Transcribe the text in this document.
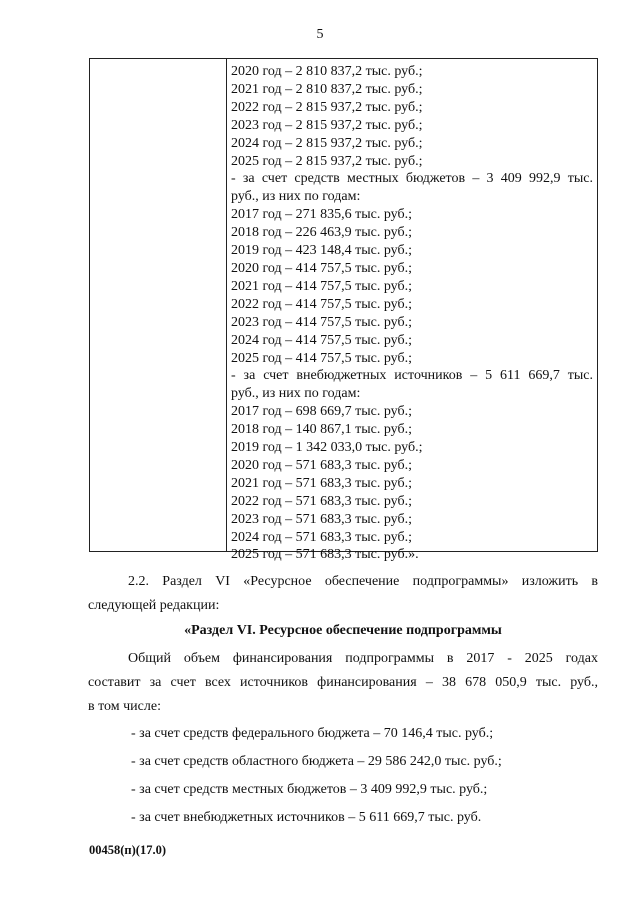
5
2020 год – 2 810 837,2 тыс. руб.;
2021 год – 2 810 837,2 тыс. руб.;
2022 год – 2 815 937,2 тыс. руб.;
2023 год – 2 815 937,2 тыс. руб.;
2024 год – 2 815 937,2 тыс. руб.;
2025 год – 2 815 937,2 тыс. руб.;
- за счет средств местных бюджетов – 3 409 992,9 тыс.
руб., из них по годам:
2017 год – 271 835,6 тыс. руб.;
2018 год – 226 463,9 тыс. руб.;
2019 год – 423 148,4 тыс. руб.;
2020 год – 414 757,5 тыс. руб.;
2021 год – 414 757,5 тыс. руб.;
2022 год – 414 757,5 тыс. руб.;
2023 год – 414 757,5 тыс. руб.;
2024 год – 414 757,5 тыс. руб.;
2025 год – 414 757,5 тыс. руб.;
- за счет внебюджетных источников – 5 611 669,7 тыс.
руб., из них по годам:
2017 год – 698 669,7 тыс. руб.;
2018 год – 140 867,1 тыс. руб.;
2019 год – 1 342 033,0 тыс. руб.;
2020 год – 571 683,3 тыс. руб.;
2021 год – 571 683,3 тыс. руб.;
2022 год – 571 683,3 тыс. руб.;
2023 год – 571 683,3 тыс. руб.;
2024 год – 571 683,3 тыс. руб.;
2025 год – 571 683,3 тыс. руб.».
2.2. Раздел VI «Ресурсное обеспечение подпрограммы» изложить в
следующей редакции:
«Раздел VI. Ресурсное обеспечение подпрограммы
Общий объем финансирования подпрограммы в 2017 - 2025 годах
составит за счет всех источников финансирования – 38 678 050,9 тыс. руб.,
в том числе:
- за счет средств федерального бюджета – 70 146,4 тыс. руб.;
- за счет средств областного бюджета – 29 586 242,0 тыс. руб.;
- за счет средств местных бюджетов – 3 409 992,9 тыс. руб.;
- за счет внебюджетных источников – 5 611 669,7 тыс. руб.
00458(п)(17.0)
